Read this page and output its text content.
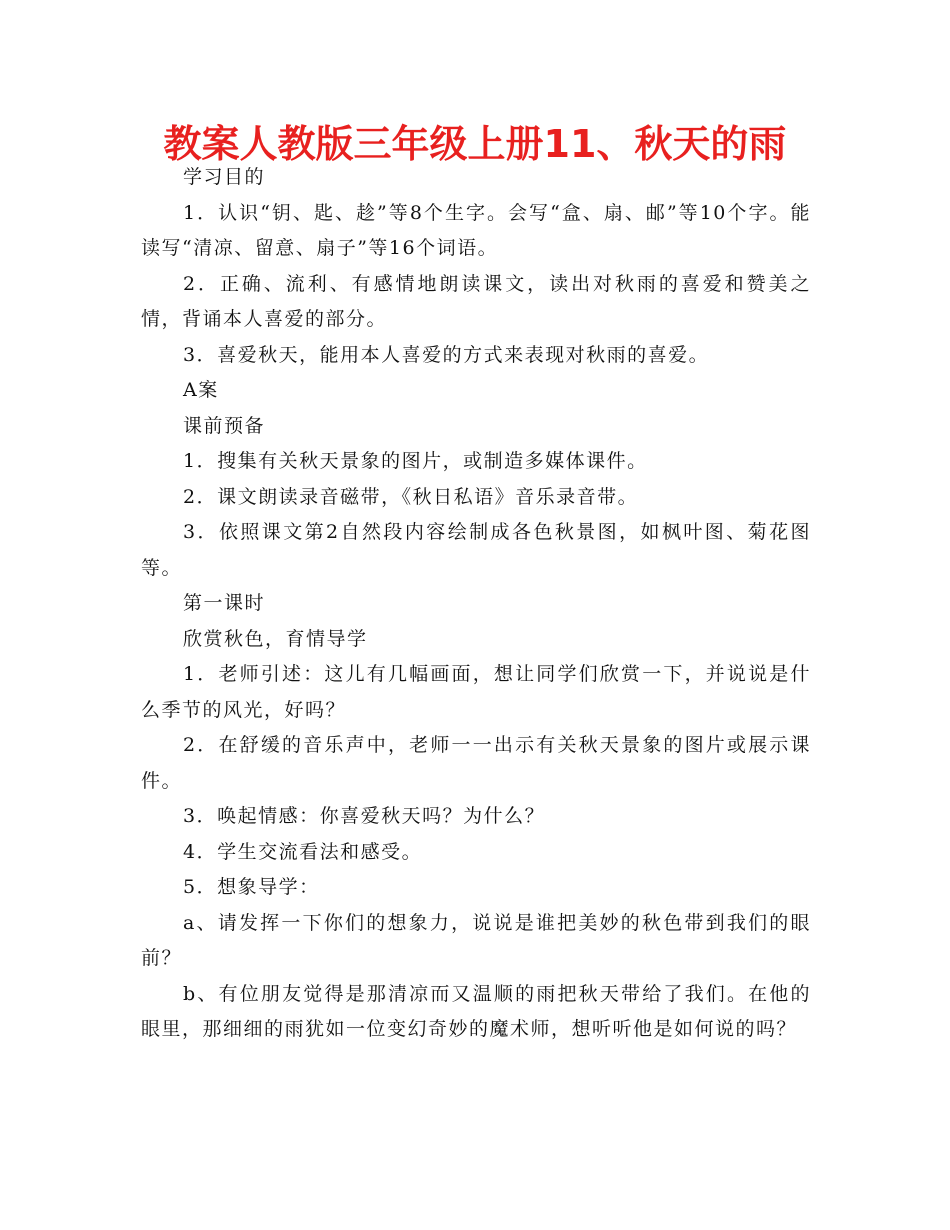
教案人教版三年级上册11、秋天的雨

学习目的

1．认识“钥、匙、趁”等8个生字。会写“盒、扇、邮”等10个字。能读写“清凉、留意、扇子”等16个词语。

2．正确、流利、有感情地朗读课文，读出对秋雨的喜爱和赞美之情，背诵本人喜爱的部分。

3．喜爱秋天，能用本人喜爱的方式来表现对秋雨的喜爱。

A案

课前预备

1．搜集有关秋天景象的图片，或制造多媒体课件。

2．课文朗读录音磁带，《秋日私语》音乐录音带。

3．依照课文第2自然段内容绘制成各色秋景图，如枫叶图、菊花图等。

第一课时

欣赏秋色，育情导学

1．老师引述：这儿有几幅画面，想让同学们欣赏一下，并说说是什么季节的风光，好吗？

2．在舒缓的音乐声中，老师一一出示有关秋天景象的图片或展示课件。

3．唤起情感：你喜爱秋天吗？为什么？

4．学生交流看法和感受。

5．想象导学：

a、请发挥一下你们的想象力，说说是谁把美妙的秋色带到我们的眼前？

b、有位朋友觉得是那清凉而又温顺的雨把秋天带给了我们。在他的眼里，那细细的雨犹如一位变幻奇妙的魔术师，想听听他是如何说的吗？
